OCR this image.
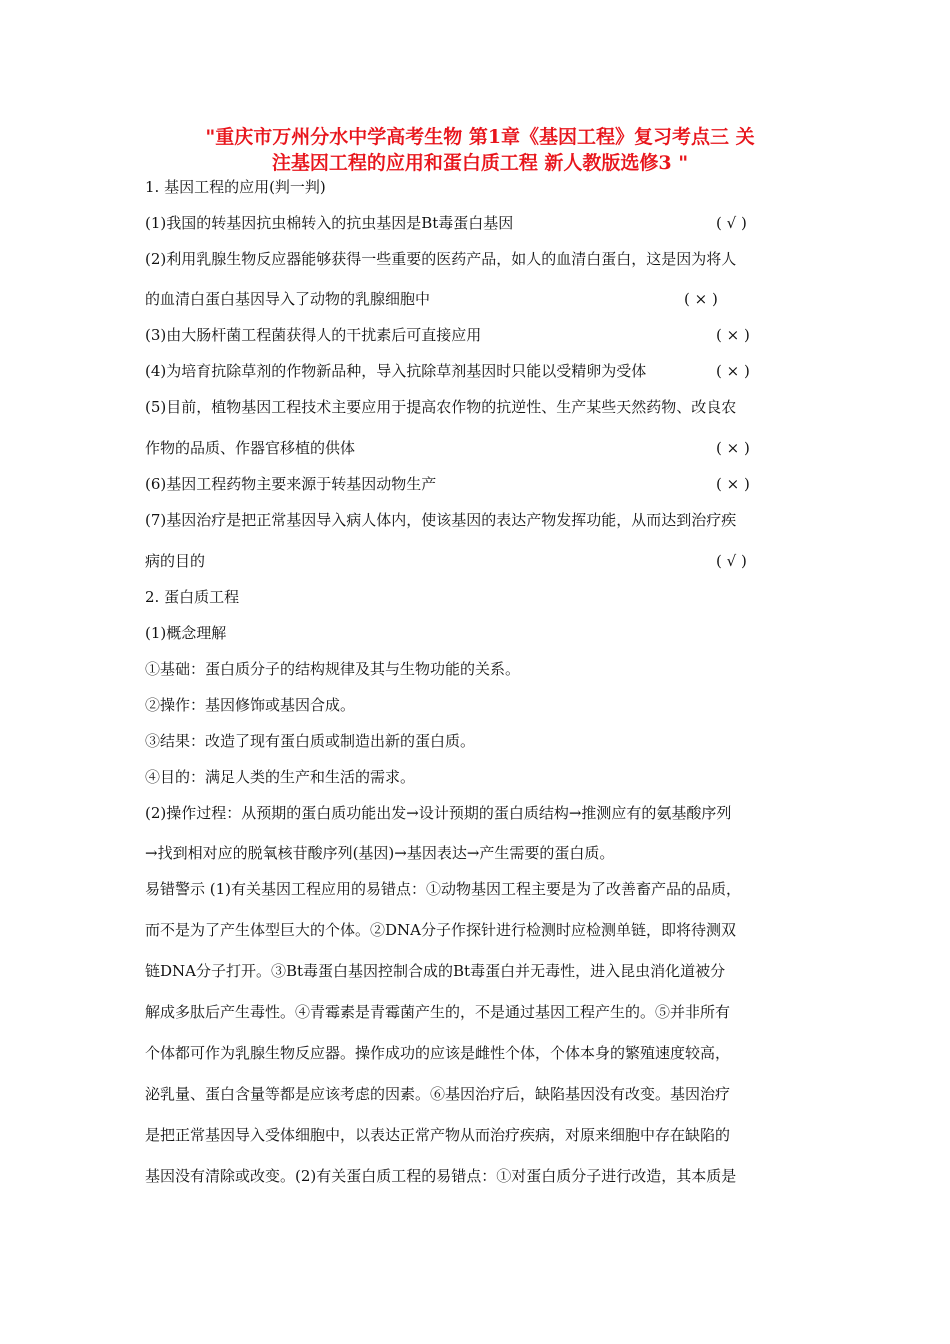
"重庆市万州分水中学高考生物 第1章《基因工程》复习考点三 关
注基因工程的应用和蛋白质工程 新人教版选修3 "
1. 基因工程的应用(判一判)
(1)我国的转基因抗虫棉转入的抗虫基因是Bt毒蛋白基因	( √ )
(2)利用乳腺生物反应器能够获得一些重要的医药产品，如人的血清白蛋白，这是因为将人
的血清白蛋白基因导入了动物的乳腺细胞中	( × )
(3)由大肠杆菌工程菌获得人的干扰素后可直接应用	( × )
(4)为培育抗除草剂的作物新品种，导入抗除草剂基因时只能以受精卵为受体	( × )
(5)目前，植物基因工程技术主要应用于提高农作物的抗逆性、生产某些天然药物、改良农
作物的品质、作器官移植的供体	( × )
(6)基因工程药物主要来源于转基因动物生产	( × )
(7)基因治疗是把正常基因导入病人体内，使该基因的表达产物发挥功能，从而达到治疗疾
病的目的	( √ )
2. 蛋白质工程
(1)概念理解
①基础：蛋白质分子的结构规律及其与生物功能的关系。
②操作：基因修饰或基因合成。
③结果：改造了现有蛋白质或制造出新的蛋白质。
④目的：满足人类的生产和生活的需求。
(2)操作过程：从预期的蛋白质功能出发→设计预期的蛋白质结构→推测应有的氨基酸序列
→找到相对应的脱氧核苷酸序列(基因)→基因表达→产生需要的蛋白质。
易错警示 (1)有关基因工程应用的易错点：①动物基因工程主要是为了改善畜产品的品质，
而不是为了产生体型巨大的个体。②DNA分子作探针进行检测时应检测单链，即将待测双
链DNA分子打开。③Bt毒蛋白基因控制合成的Bt毒蛋白并无毒性，进入昆虫消化道被分
解成多肽后产生毒性。④青霉素是青霉菌产生的，不是通过基因工程产生的。⑤并非所有
个体都可作为乳腺生物反应器。操作成功的应该是雌性个体，个体本身的繁殖速度较高，
泌乳量、蛋白含量等都是应该考虑的因素。⑥基因治疗后，缺陷基因没有改变。基因治疗
是把正常基因导入受体细胞中，以表达正常产物从而治疗疾病，对原来细胞中存在缺陷的
基因没有清除或改变。(2)有关蛋白质工程的易错点：①对蛋白质分子进行改造，其本质是
